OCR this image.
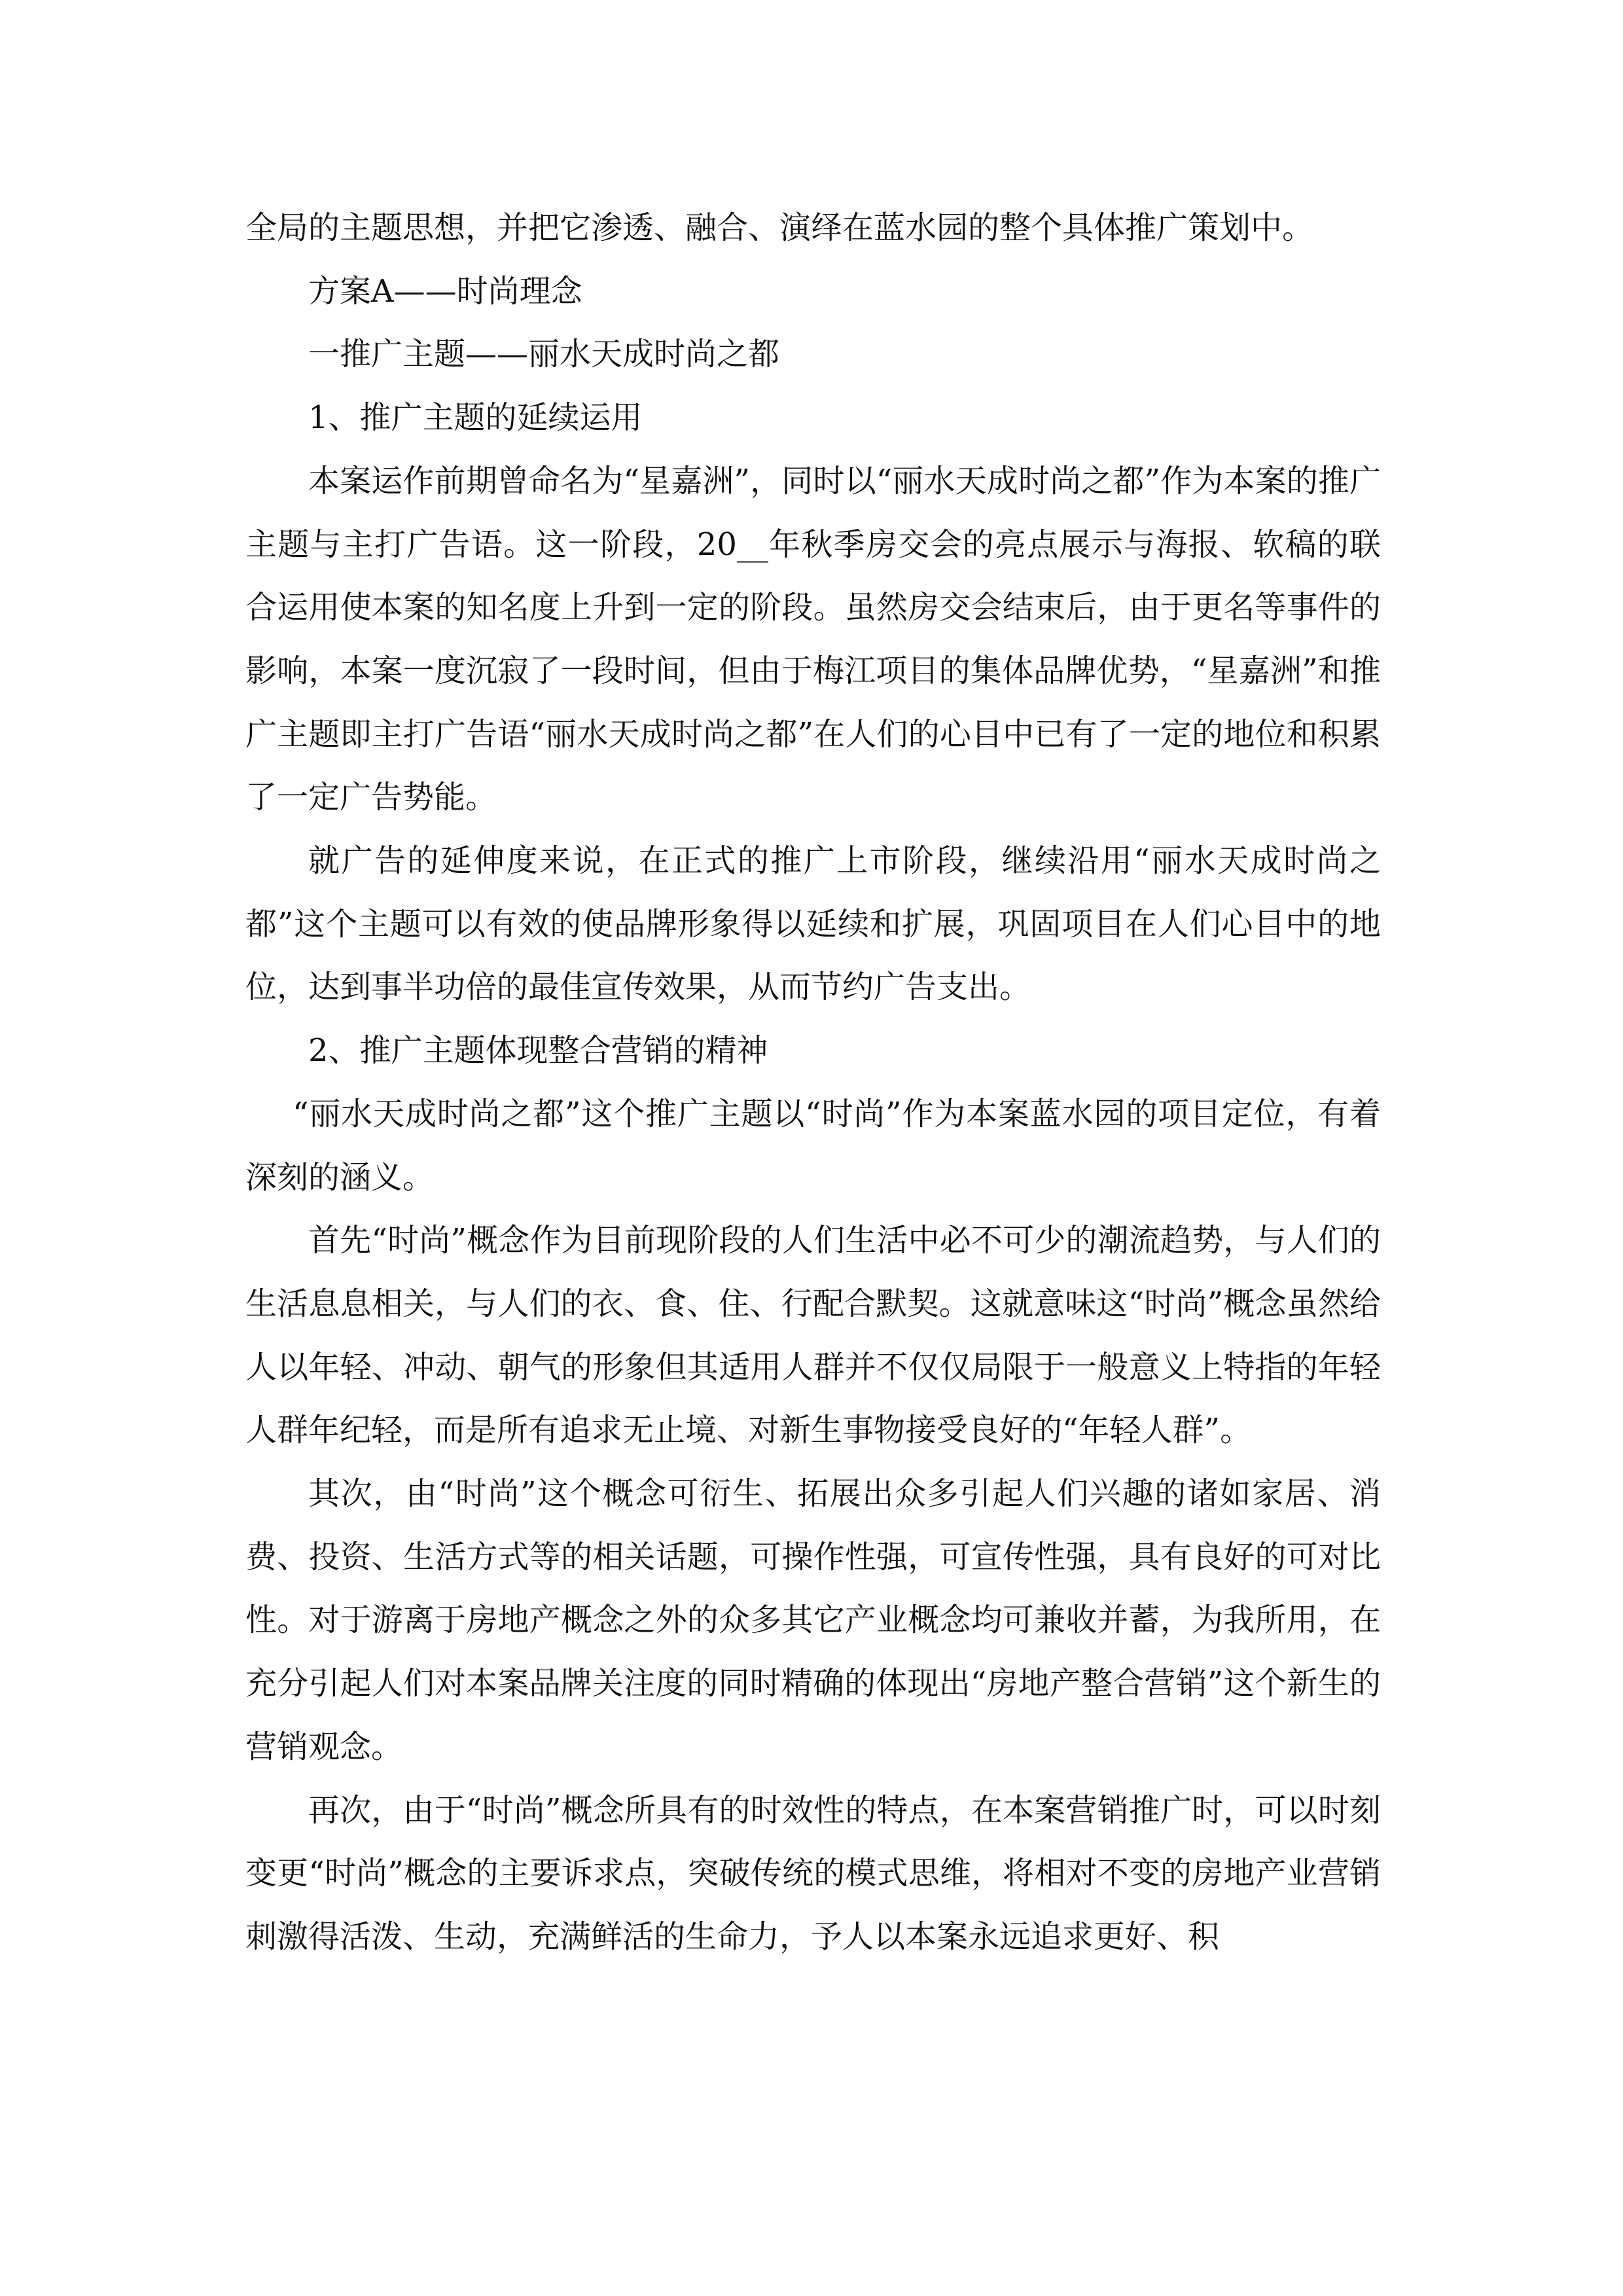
全局的主题思想，并把它渗透、融合、演绎在蓝水园的整个具体推广策划中。

方案A——时尚理念

一推广主题——丽水天成时尚之都

1、推广主题的延续运用

本案运作前期曾命名为“星嘉洲”，同时以“丽水天成时尚之都”作为本案的推广主题与主打广告语。这一阶段，20__年秋季房交会的亮点展示与海报、软稿的联合运用使本案的知名度上升到一定的阶段。虽然房交会结束后，由于更名等事件的影响，本案一度沉寂了一段时间，但由于梅江项目的集体品牌优势，“星嘉洲”和推广主题即主打广告语“丽水天成时尚之都”在人们的心目中已有了一定的地位和积累了一定广告势能。

就广告的延伸度来说，在正式的推广上市阶段，继续沿用“丽水天成时尚之都”这个主题可以有效的使品牌形象得以延续和扩展，巩固项目在人们心目中的地位，达到事半功倍的最佳宣传效果，从而节约广告支出。

2、推广主题体现整合营销的精神

“丽水天成时尚之都”这个推广主题以“时尚”作为本案蓝水园的项目定位，有着深刻的涵义。

首先“时尚”概念作为目前现阶段的人们生活中必不可少的潮流趋势，与人们的生活息息相关，与人们的衣、食、住、行配合默契。这就意味这“时尚”概念虽然给人以年轻、冲动、朝气的形象但其适用人群并不仅仅局限于一般意义上特指的年轻人群年纪轻，而是所有追求无止境、对新生事物接受良好的“年轻人群”。

其次，由“时尚”这个概念可衍生、拓展出众多引起人们兴趣的诸如家居、消费、投资、生活方式等的相关话题，可操作性强，可宣传性强，具有良好的可对比性。对于游离于房地产概念之外的众多其它产业概念均可兼收并蓄，为我所用，在充分引起人们对本案品牌关注度的同时精确的体现出“房地产整合营销”这个新生的营销观念。

再次，由于“时尚”概念所具有的时效性的特点，在本案营销推广时，可以时刻变更“时尚”概念的主要诉求点，突破传统的模式思维，将相对不变的房地产业营销刺激得活泼、生动，充满鲜活的生命力，予人以本案永远追求更好、积
